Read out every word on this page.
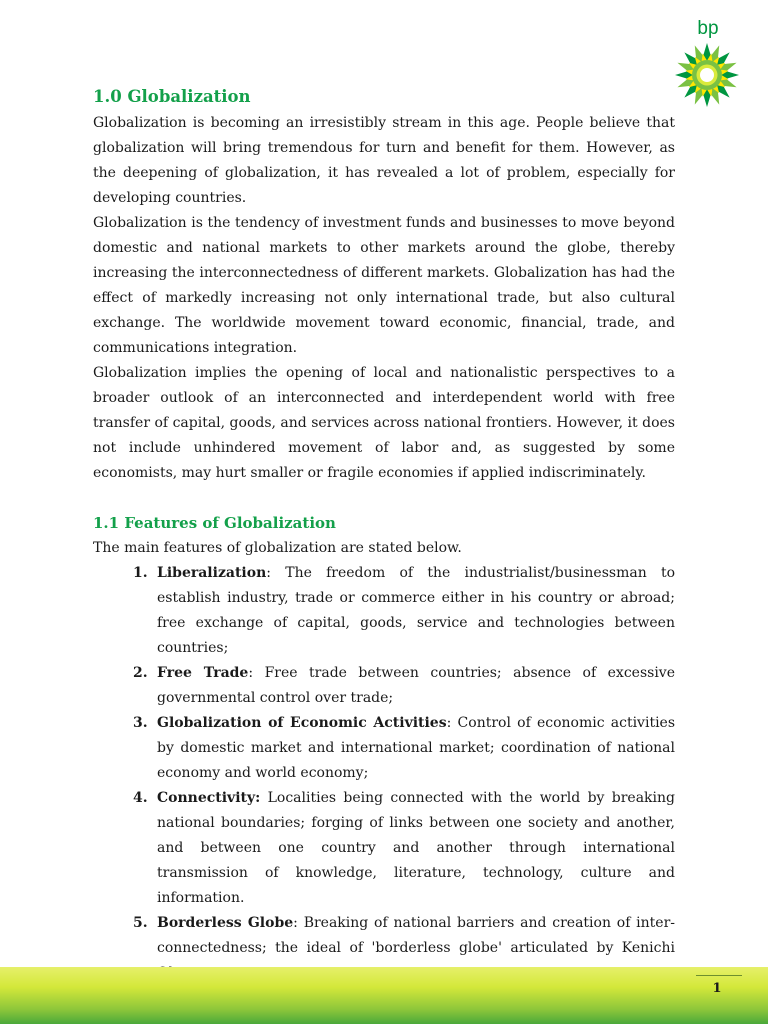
bp
1.0 Globalization

Globalization is becoming an irresistibly stream in this age. People believe that globalization will bring tremendous for turn and benefit for them. However, as the deepening of globalization, it has revealed a lot of problem, especially for developing countries.

Globalization is the tendency of investment funds and businesses to move beyond domestic and national markets to other markets around the globe, thereby increasing the interconnectedness of different markets. Globalization has had the effect of markedly increasing not only international trade, but also cultural exchange. The worldwide movement toward economic, financial, trade, and communications integration.

Globalization implies the opening of local and nationalistic perspectives to a broader outlook of an interconnected and interdependent world with free transfer of capital, goods, and services across national frontiers. However, it does not include unhindered movement of labor and, as suggested by some economists, may hurt smaller or fragile economies if applied indiscriminately.

1.1 Features of Globalization

The main features of globalization are stated below.

1. Liberalization: The freedom of the industrialist/businessman to establish industry, trade or commerce either in his country or abroad; free exchange of capital, goods, service and technologies between countries;
2. Free Trade: Free trade between countries; absence of excessive governmental control over trade;
3. Globalization of Economic Activities: Control of economic activities by domestic market and international market; coordination of national economy and world economy;
4. Connectivity: Localities being connected with the world by breaking national boundaries; forging of links between one society and another, and between one country and another through international transmission of knowledge, literature, technology, culture and information.
5. Borderless Globe: Breaking of national barriers and creation of inter-connectedness; the ideal of 'borderless globe' articulated by Kenichi
1
